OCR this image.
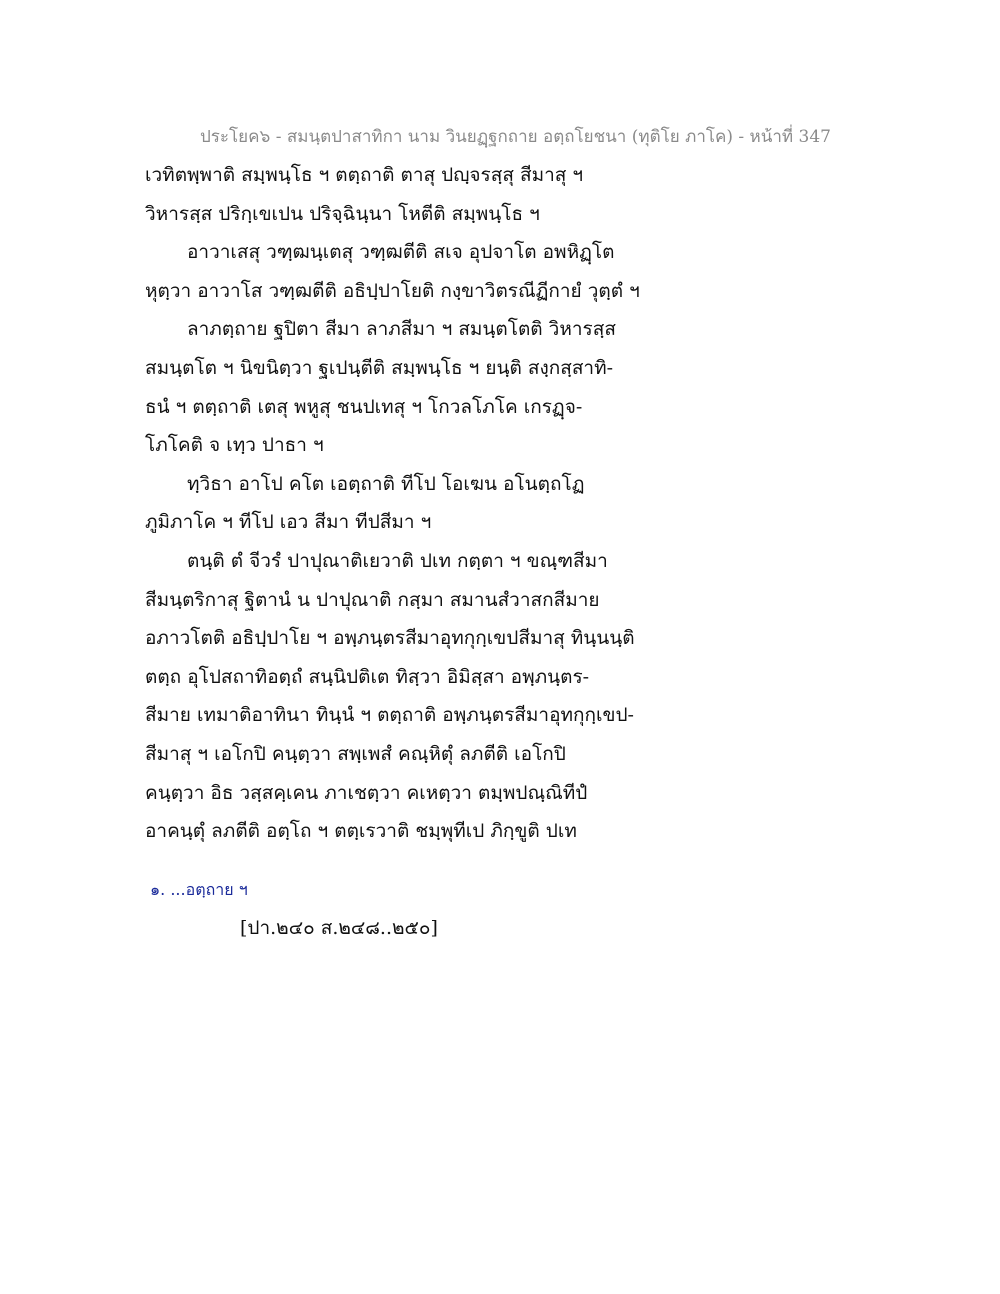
ประโยค๖ - สมนฺตปาสาทิกา นาม วินยฏฺฐกถาย อตฺถโยชนา (ทุติโย ภาโค) - หน้าที่ 347
เวทิตพฺพาติ สมฺพนฺโธ ฯ ตตฺถาติ ตาสุ ปญฺจรสฺสุ สีมาสุ ฯ
วิหารสฺส ปริกฺเขเปน ปริจฺฉินฺนา โหตีติ สมฺพนฺโธ ฯ
อาวาเสสุ วฑฺฒนฺเตสุ วฑฺฒตีติ สเจ อุปจาโต อพหิฏฺโต
หุตฺวา อาวาโส วฑฺฒตีติ อธิปฺปาโยติ กงฺขาวิตรณีฏีกายํ วุตฺตํ ฯ
ลาภตฺถาย ฐปิตา สีมา ลาภสีมา ฯ สมนฺตโตติ วิหารสฺส
สมนฺตโต ฯ นิขนิตฺวา ฐเปนฺตีติ สมฺพนฺโธ ฯ ยนฺติ สงฺกสฺสาทิ-
ธนํ ฯ ตตฺถาติ เตสุ พหูสุ ชนปเทสุ ฯ โกวลโภโค เกรฏฺจ-
โภโคติ จ เทฺว ปาธา ฯ
ทฺวิธา อาโป คโต เอตฺถาติ ทีโป โอเฆน อโนตฺถโฏ
ภูมิภาโค ฯ ทีโป เอว สีมา ทีปสีมา ฯ
ตนฺติ ตํ จีวรํ ปาปุณาติเยวาติ ปเท กตฺตา ฯ ขณฺฑสีมา
สีมนฺตริกาสุ ฐิตานํ น ปาปุณาติ กสฺมา สมานสํวาสกสีมาย
อภาวโตติ อธิปฺปาโย ฯ อพฺภนฺตรสีมาอุทกุกฺเขปสีมาสุ ทินฺนนฺติ
ตตฺถ อุโปสถาทิอตฺถํ สนฺนิปติเต ทิสฺวา อิมิสฺสา อพฺภนฺตร-
สีมาย เทมาติอาทินา ทินฺนํ ฯ ตตฺถาติ อพฺภนฺตรสีมาอุทกุกฺเขป-
สีมาสุ ฯ เอโกปิ คนฺตฺวา สพฺเพสํ คณฺหิตุํ ลภตีติ เอโกปิ
คนฺตฺวา อิธ วสฺสคฺเคน ภาเชตฺวา คเหตฺวา ตมฺพปณฺณิทีปํ
อาคนฺตุํ ลภตีติ อตฺโถ ฯ ตตฺเรวาติ ชมฺพุทีเป ภิกฺขูติ ปเท
๑. ...อตฺถาย ฯ
[ปา.๒๔๐ ส.๒๔๘..๒๕๐]
